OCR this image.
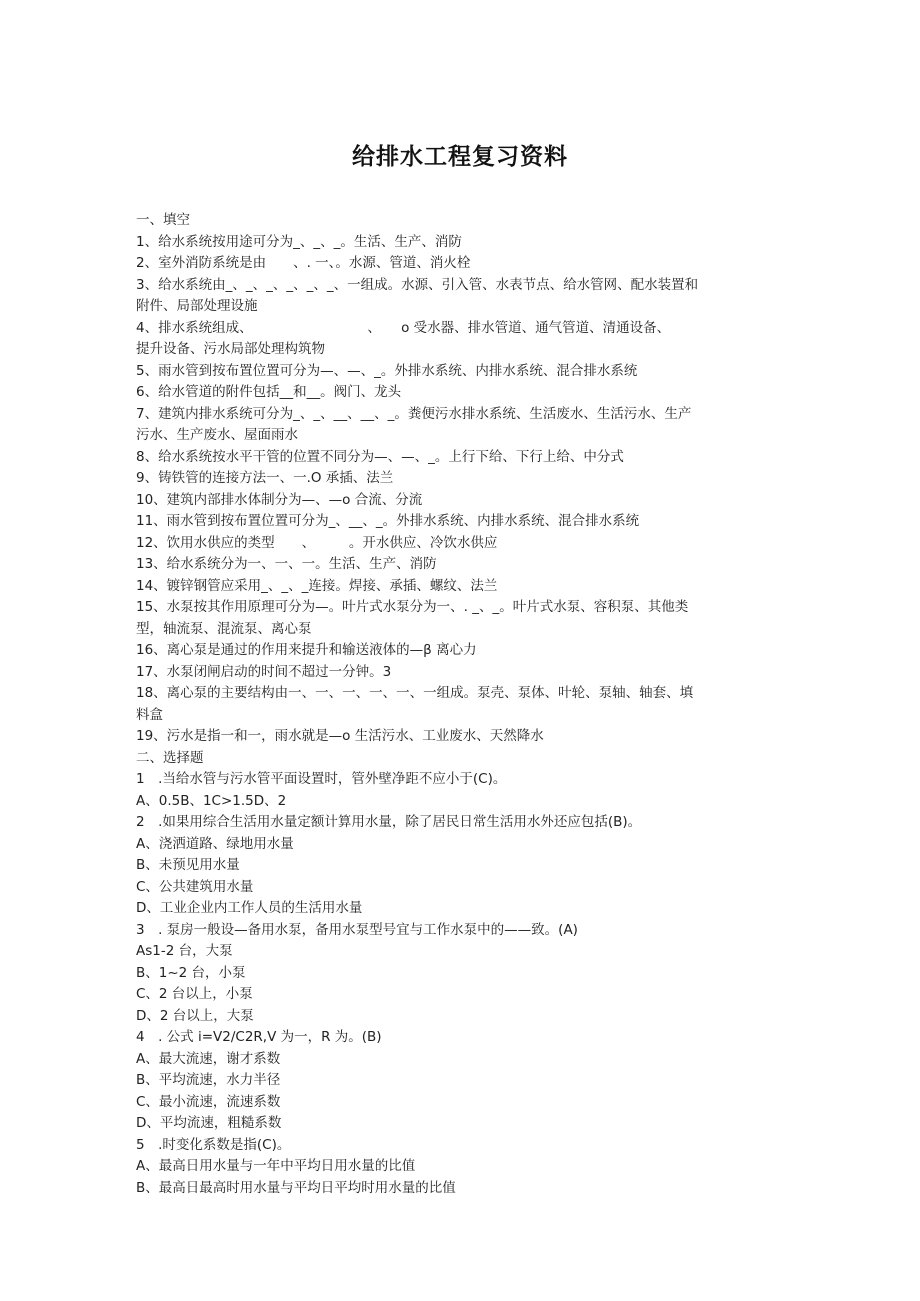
给排水工程复习资料
一、填空
1、给水系统按用途可分为_、_、_。生活、生产、消防
2、室外消防系统是由　　、. 一、。水源、管道、消火栓
3、给水系统由_、_、_、_、_、_、一组成。水源、引入管、水表节点、给水管网、配水装置和
附件、局部处理设施
4、排水系统组成、　　　　　　　　　、　　o 受水器、排水管道、通气管道、清通设备、
提升设备、污水局部处理构筑物
5、雨水管到按布置位置可分为—、—、_。外排水系统、内排水系统、混合排水系统
6、给水管道的附件包括__和__。阀门、龙头
7、建筑内排水系统可分为_、_、__、__、_。粪便污水排水系统、生活废水、生活污水、生产
污水、生产废水、屋面雨水
8、给水系统按水平干管的位置不同分为—、—、_。上行下给、下行上给、中分式
9、铸铁管的连接方法一、一.O 承插、法兰
10、建筑内部排水体制分为—、—o 合流、分流
11、雨水管到按布置位置可分为_、__、_。外排水系统、内排水系统、混合排水系统
12、饮用水供应的类型　　、　　　。开水供应、冷饮水供应
13、给水系统分为一、一、一。生活、生产、消防
14、镀锌钢管应采用_、_、_连接。焊接、承插、螺纹、法兰
15、水泵按其作用原理可分为—。叶片式水泵分为一、. _、_。叶片式水泵、容积泵、其他类
型，轴流泵、混流泵、离心泵
16、离心泵是通过的作用来提升和输送液体的—β 离心力
17、水泵闭闸启动的时间不超过一分钟。3
18、离心泵的主要结构由一、一、一、一、一、一组成。泵壳、泵体、叶轮、泵轴、轴套、填
料盒
19、污水是指一和一，雨水就是—o 生活污水、工业废水、天然降水
二、选择题
1　.当给水管与污水管平面设置时，管外壁净距不应小于(C)。
A、0.5B、1C>1.5D、2
2　.如果用综合生活用水量定额计算用水量，除了居民日常生活用水外还应包括(B)。
A、浇洒道路、绿地用水量
B、未预见用水量
C、公共建筑用水量
D、工业企业内工作人员的生活用水量
3　. 泵房一般设—备用水泵，备用水泵型号宜与工作水泵中的——致。(A)
As1-2 台，大泵
B、1~2 台，小泵
C、2 台以上，小泵
D、2 台以上，大泵
4　. 公式 i=V2∕C2R,V 为一，R 为。(B)
A、最大流速，谢才系数
B、平均流速，水力半径
C、最小流速，流速系数
D、平均流速，粗糙系数
5　.时变化系数是指(C)。
A、最高日用水量与一年中平均日用水量的比值
B、最高日最高时用水量与平均日平均时用水量的比值
